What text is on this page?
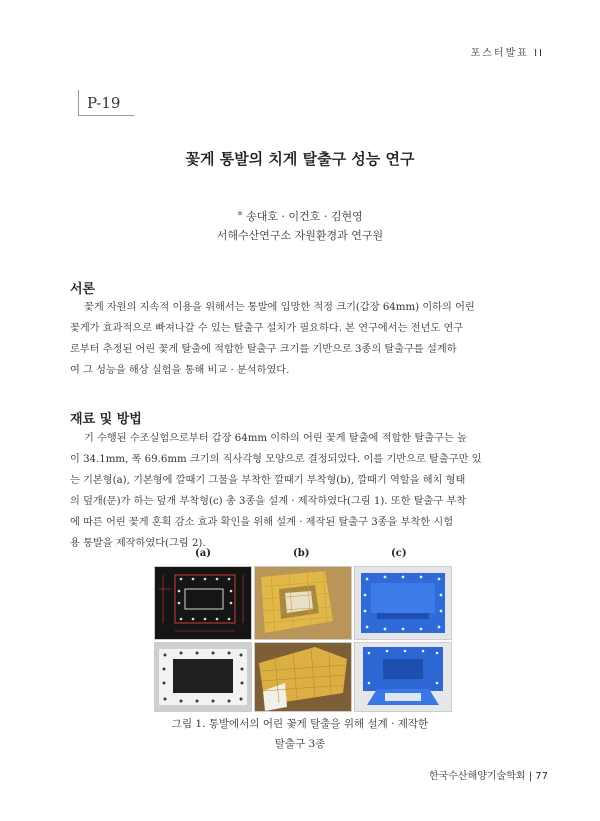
포스터발표 II
P-19
꽃게 통발의 치게 탈출구 성능 연구
° 송대호 · 이건호 · 김현영
서해수산연구소 자원환경과 연구원
서론
꽃게 자원의 지속적 이용을 위해서는 통발에 입망한 적정 크기(갑장 64mm) 이하의 어린
꽃게가 효과적으로 빠져나갈 수 있는 탈출구 설치가 필요하다. 본 연구에서는 전년도 연구
로부터 추정된 어린 꽃게 탈출에 적합한 탈출구 크기를 기반으로 3종의 탈출구를 설계하
여 그 성능을 해상 실험을 통해 비교 · 분석하였다.
재료 및 방법
기 수행된 수조실험으로부터 갑장 64mm 이하의 어린 꽃게 탈출에 적합한 탈출구는 높
이 34.1mm, 폭 69.6mm 크기의 직사각형 모양으로 결정되었다. 이를 기반으로 탈출구만 있
는 기본형(a), 기본형에 깔때기 그물을 부착한 깔때기 부착형(b), 깔때기 역할을 해치 형태
의 덮개(문)가 하는 덮개 부착형(c) 총 3종을 설계 · 제작하였다(그림 1). 또한 탈출구 부착
에 따른 어린 꽃게 혼획 감소 효과 확인을 위해 설계 · 제작된 탈출구 3종을 부착한 시험
용 통발을 제작하였다(그림 2).
(a)	(b)	(c)
그림 1. 통발에서의 어린 꽃게 탈출을 위해 설계 · 제작한
탈출구 3종
한국수산해양기술학회 | 77
